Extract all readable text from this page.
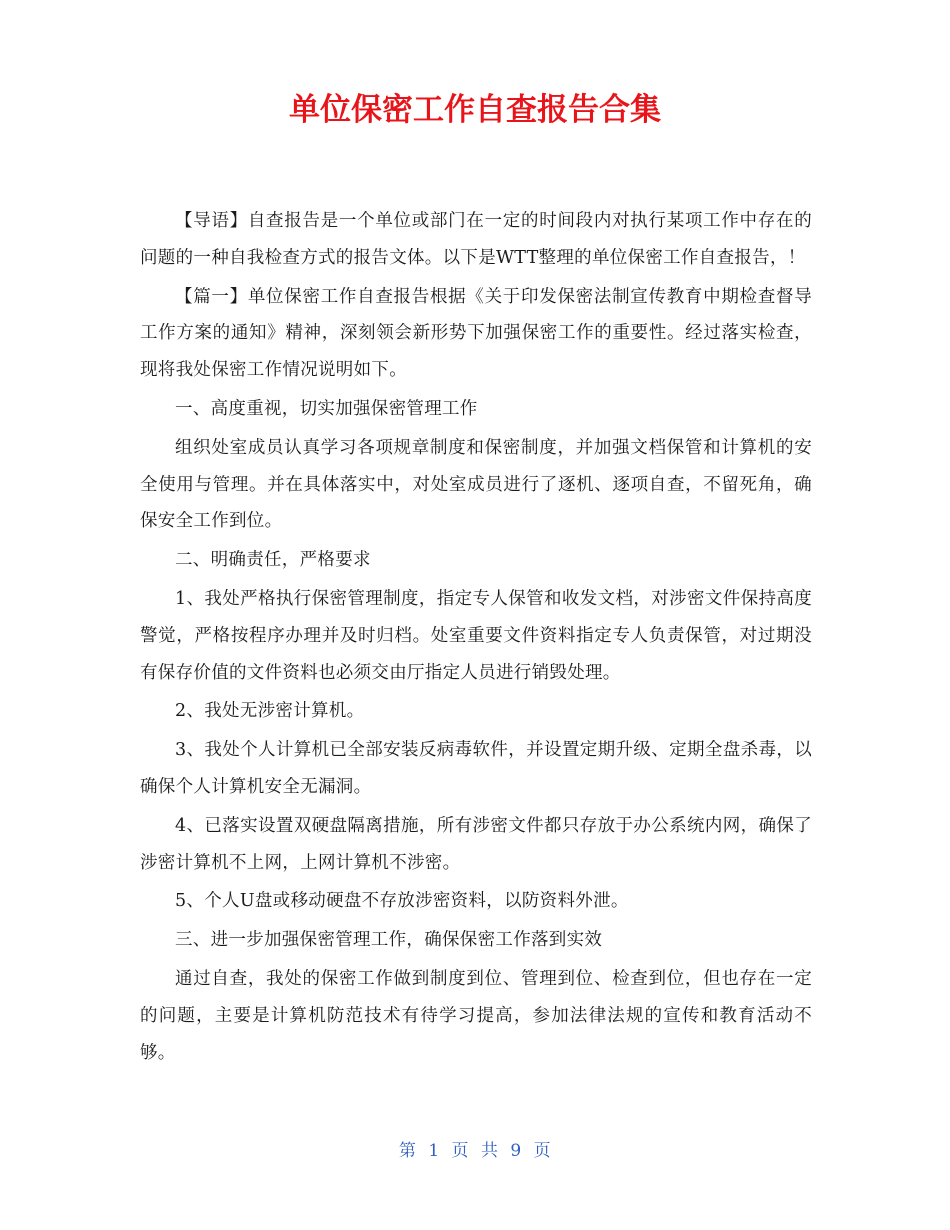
单位保密工作自查报告合集

【导语】自查报告是一个单位或部门在一定的时间段内对执行某项工作中存在的问题的一种自我检查方式的报告文体。以下是WTT整理的单位保密工作自查报告，！

【篇一】单位保密工作自查报告根据《关于印发保密法制宣传教育中期检查督导工作方案的通知》精神，深刻领会新形势下加强保密工作的重要性。经过落实检查，现将我处保密工作情况说明如下。

一、高度重视，切实加强保密管理工作

组织处室成员认真学习各项规章制度和保密制度，并加强文档保管和计算机的安全使用与管理。并在具体落实中，对处室成员进行了逐机、逐项自查，不留死角，确保安全工作到位。

二、明确责任，严格要求

1、我处严格执行保密管理制度，指定专人保管和收发文档，对涉密文件保持高度警觉，严格按程序办理并及时归档。处室重要文件资料指定专人负责保管，对过期没有保存价值的文件资料也必须交由厅指定人员进行销毁处理。

2、我处无涉密计算机。

3、我处个人计算机已全部安装反病毒软件，并设置定期升级、定期全盘杀毒，以确保个人计算机安全无漏洞。

4、已落实设置双硬盘隔离措施，所有涉密文件都只存放于办公系统内网，确保了涉密计算机不上网，上网计算机不涉密。

5、个人U盘或移动硬盘不存放涉密资料，以防资料外泄。

三、进一步加强保密管理工作，确保保密工作落到实效

通过自查，我处的保密工作做到制度到位、管理到位、检查到位，但也存在一定的问题，主要是计算机防范技术有待学习提高，参加法律法规的宣传和教育活动不够。

第 1 页 共 9 页
